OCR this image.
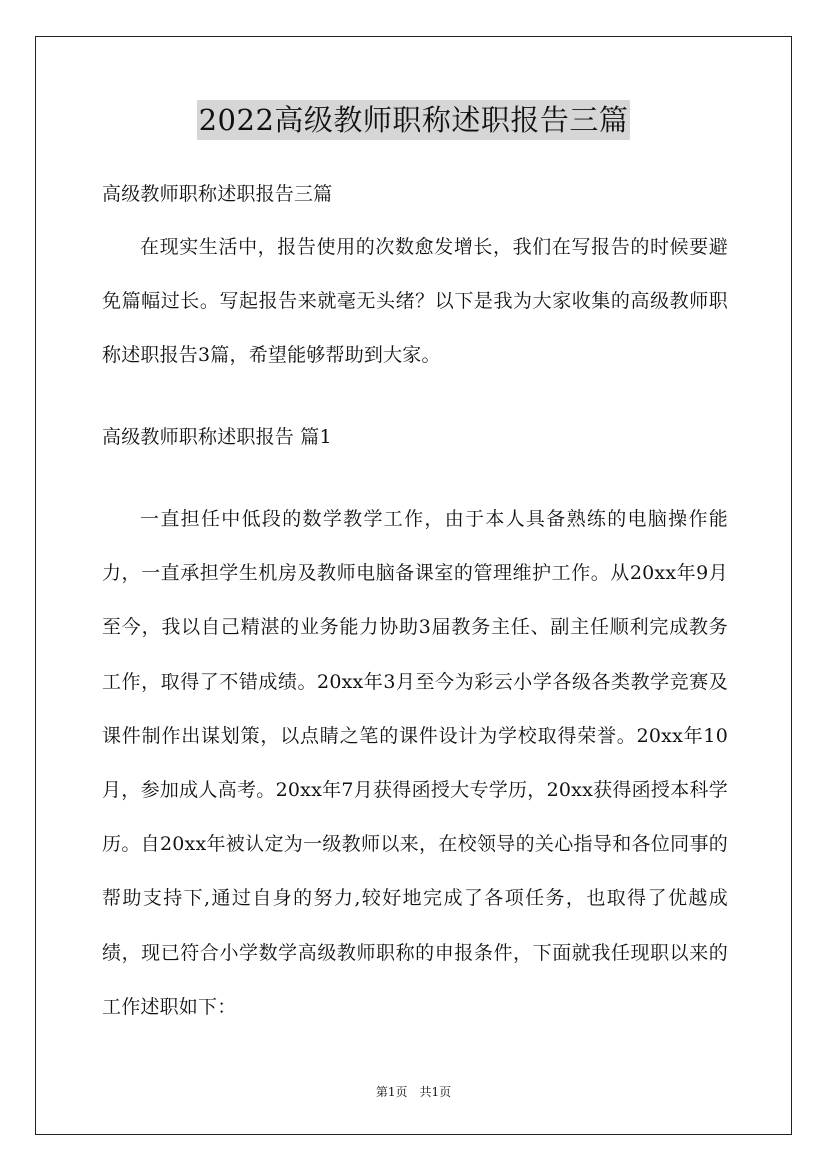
2022高级教师职称述职报告三篇

高级教师职称述职报告三篇

在现实生活中，报告使用的次数愈发增长，我们在写报告的时候要避免篇幅过长。写起报告来就毫无头绪？以下是我为大家收集的高级教师职称述职报告3篇，希望能够帮助到大家。

高级教师职称述职报告 篇1

一直担任中低段的数学教学工作，由于本人具备熟练的电脑操作能力，一直承担学生机房及教师电脑备课室的管理维护工作。从20xx年9月至今，我以自己精湛的业务能力协助3届教务主任、副主任顺利完成教务工作，取得了不错成绩。20xx年3月至今为彩云小学各级各类教学竞赛及课件制作出谋划策，以点睛之笔的课件设计为学校取得荣誉。20xx年10月，参加成人高考。20xx年7月获得函授大专学历，20xx获得函授本科学历。自20xx年被认定为一级教师以来，在校领导的关心指导和各位同事的帮助支持下,通过自身的努力,较好地完成了各项任务，也取得了优越成绩，现已符合小学数学高级教师职称的申报条件，下面就我任现职以来的工作述职如下：

第1页 共1页
